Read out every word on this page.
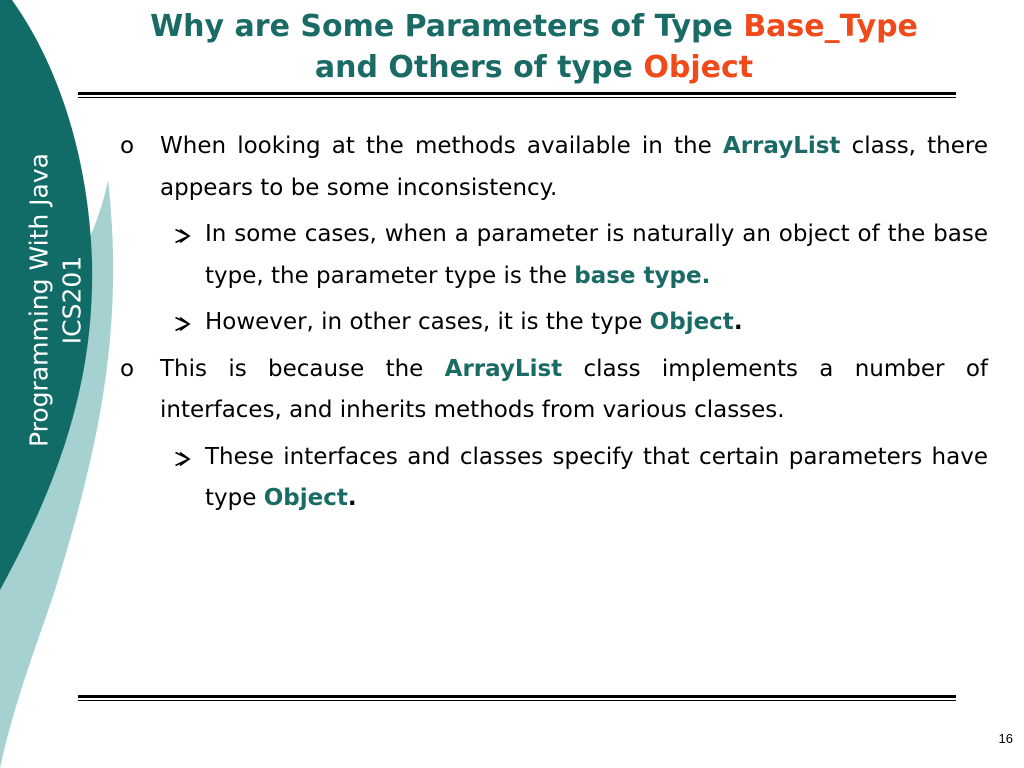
Programming With Java ICS201
Why are Some Parameters of Type Base_Type
and Others of type Object
o When looking at the methods available in the ArrayList class, there appears to be some inconsistency.
In some cases, when a parameter is naturally an object of the base type, the parameter type is the base type.
However, in other cases, it is the type Object.
o This is because the ArrayList class implements a number of interfaces, and inherits methods from various classes.
These interfaces and classes specify that certain parameters have type Object.
16
